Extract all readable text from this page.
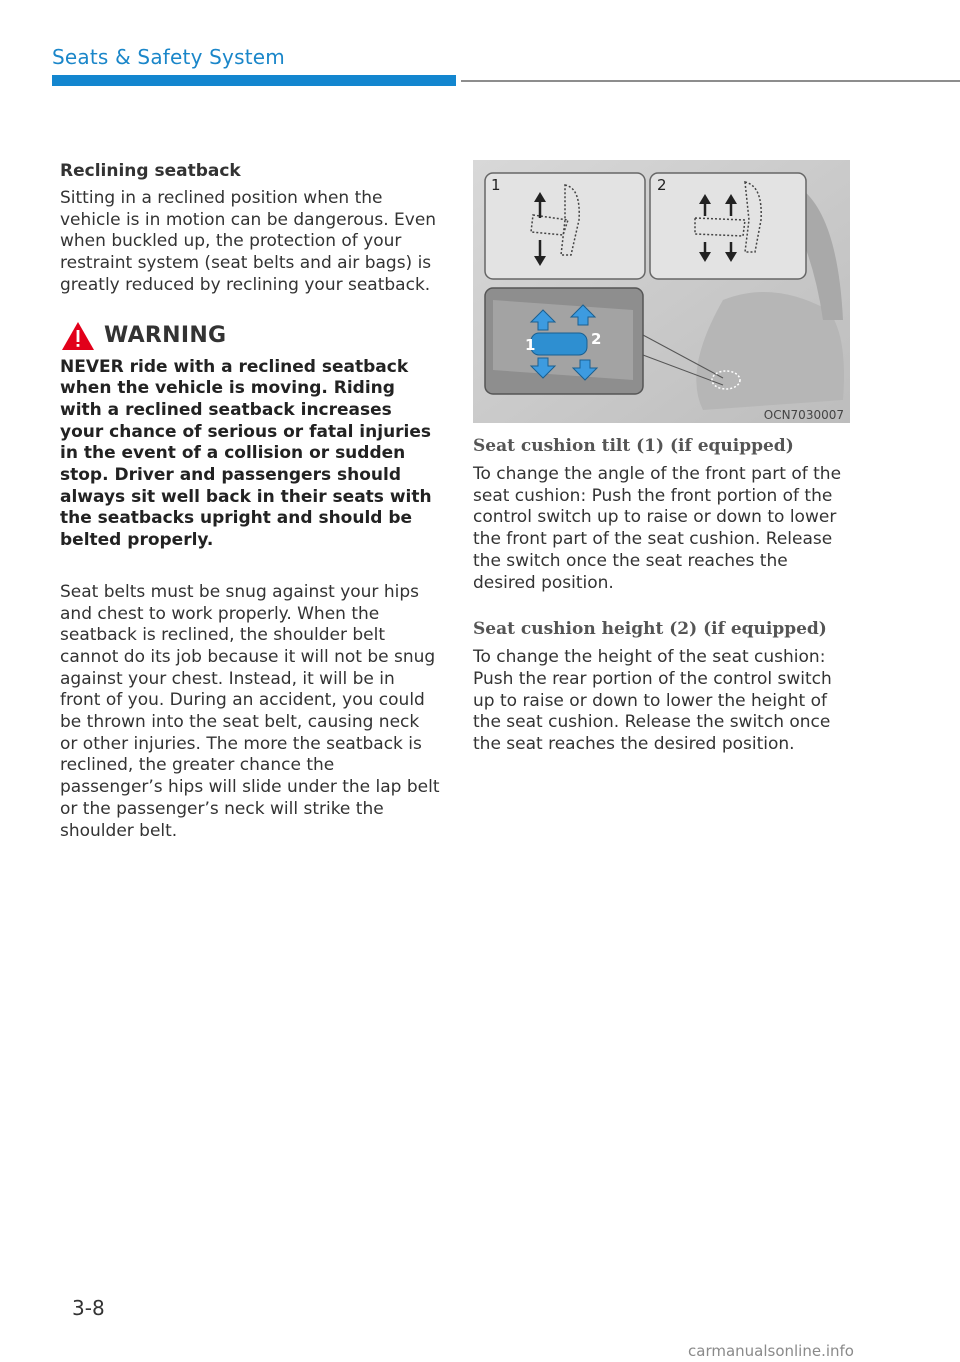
Seats & Safety System

Reclining seatback

Sitting in a reclined position when the vehicle is in motion can be dangerous. Even when buckled up, the protection of your restraint system (seat belts and air bags) is greatly reduced by reclining your seatback.

WARNING

NEVER ride with a reclined seatback when the vehicle is moving. Riding with a reclined seatback increases your chance of serious or fatal injuries in the event of a collision or sudden stop. Driver and passengers should always sit well back in their seats with the seatbacks upright and should be belted properly.

Seat belts must be snug against your hips and chest to work properly. When the seatback is reclined, the shoulder belt cannot do its job because it will not be snug against your chest. Instead, it will be in front of you. During an accident, you could be thrown into the seat belt, causing neck or other injuries. The more the seatback is reclined, the greater chance the passenger’s hips will slide under the lap belt or the passenger’s neck will strike the shoulder belt.

1	2
1	2
OCN7030007

Seat cushion tilt (1) (if equipped)

To change the angle of the front part of the seat cushion: Push the front portion of the control switch up to raise or down to lower the front part of the seat cushion. Release the switch once the seat reaches the desired position.

Seat cushion height (2) (if equipped)

To change the height of the seat cushion: Push the rear portion of the control switch up to raise or down to lower the height of the seat cushion. Release the switch once the seat reaches the desired position.

3-8
carmanualsonline.info
